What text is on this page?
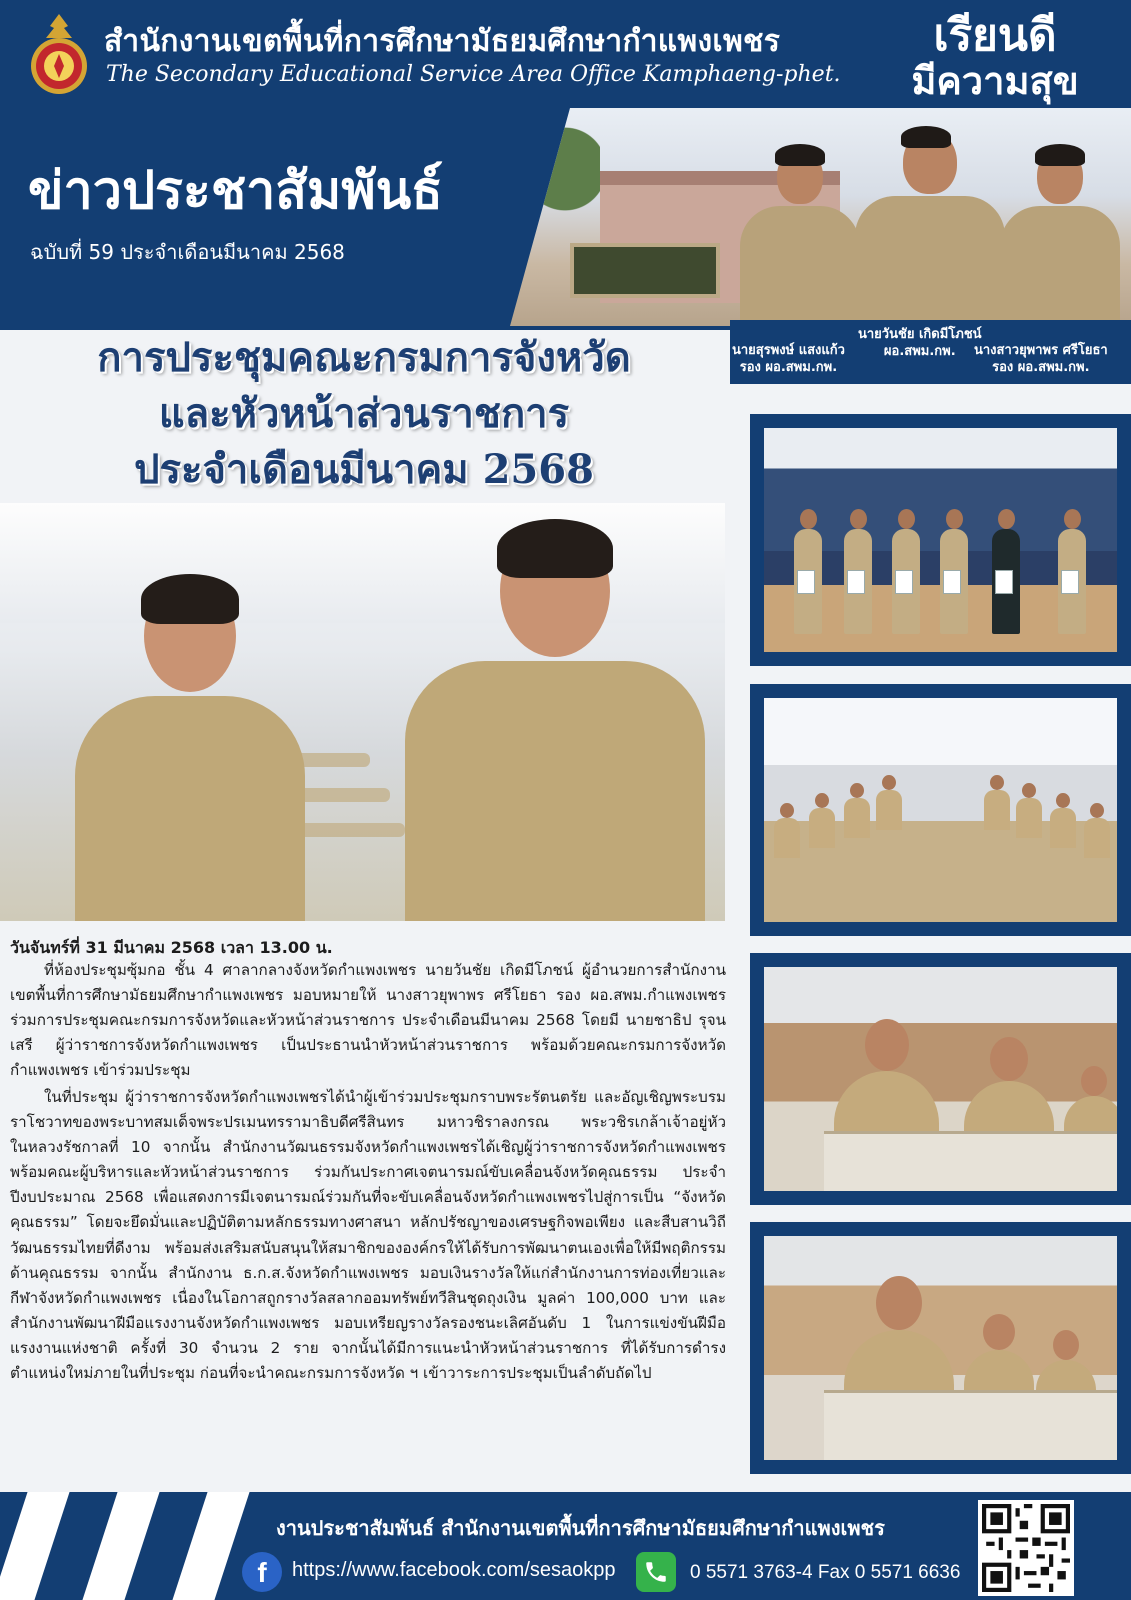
สำนักงานเขตพื้นที่การศึกษามัธยมศึกษากำแพงเพชร
The Secondary Educational Service Area Office Kamphaeng-phet.
เรียนดี
มีความสุข
ข่าวประชาสัมพันธ์
ฉบับที่ 59 ประจำเดือนมีนาคม 2568
นายสุรพงษ์ แสงแก้ว
รอง ผอ.สพม.กพ.
นายวันชัย เกิดมีโภชน์
ผอ.สพม.กพ.	นางสาวยุพาพร ศรีโยธา
รอง ผอ.สพม.กพ.
การประชุมคณะกรมการจังหวัด
และหัวหน้าส่วนราชการ
ประจำเดือนมีนาคม 2568
วันจันทร์ที่ 31 มีนาคม 2568 เวลา 13.00 น.

ที่ห้องประชุมซุ้มกอ ชั้น 4 ศาลากลางจังหวัดกำแพงเพชร นายวันชัย เกิดมีโภชน์ ผู้อำนวยการสำนักงานเขตพื้นที่การศึกษามัธยมศึกษากำแพงเพชร มอบหมายให้ นางสาวยุพาพร ศรีโยธา รอง ผอ.สพม.กำแพงเพชร ร่วมการประชุมคณะกรมการจังหวัดและหัวหน้าส่วนราชการ ประจำเดือนมีนาคม 2568 โดยมี นายชาธิป รุจนเสรี ผู้ว่าราชการจังหวัดกำแพงเพชร เป็นประธานนำหัวหน้าส่วนราชการ พร้อมด้วยคณะกรมการจังหวัดกำแพงเพชร เข้าร่วมประชุม

ในที่ประชุม ผู้ว่าราชการจังหวัดกำแพงเพชรได้นำผู้เข้าร่วมประชุมกราบพระรัตนตรัย และอัญเชิญพระบรมราโชวาทของพระบาทสมเด็จพระปรเมนทรรามาธิบดีศรีสินทร มหาวชิราลงกรณ พระวชิรเกล้าเจ้าอยู่หัว ในหลวงรัชกาลที่ 10 จากนั้น สำนักงานวัฒนธรรมจังหวัดกำแพงเพชรได้เชิญผู้ว่าราชการจังหวัดกำแพงเพชร พร้อมคณะผู้บริหารและหัวหน้าส่วนราชการ ร่วมกันประกาศเจตนารมณ์ขับเคลื่อนจังหวัดคุณธรรม ประจำปีงบประมาณ 2568 เพื่อแสดงการมีเจตนารมณ์ร่วมกันที่จะขับเคลื่อนจังหวัดกำแพงเพชรไปสู่การเป็น “จังหวัดคุณธรรม” โดยจะยึดมั่นและปฏิบัติตามหลักธรรมทางศาสนา หลักปรัชญาของเศรษฐกิจพอเพียง และสืบสานวิถีวัฒนธรรมไทยที่ดีงาม พร้อมส่งเสริมสนับสนุนให้สมาชิกขององค์กรให้ได้รับการพัฒนาตนเองเพื่อให้มีพฤติกรรมด้านคุณธรรม จากนั้น สำนักงาน ธ.ก.ส.จังหวัดกำแพงเพชร มอบเงินรางวัลให้แก่สำนักงานการท่องเที่ยวและกีฬาจังหวัดกำแพงเพชร เนื่องในโอกาสถูกรางวัลสลากออมทรัพย์ทวีสินชุดถุงเงิน มูลค่า 100,000 บาท และสำนักงานพัฒนาฝีมือแรงงานจังหวัดกำแพงเพชร มอบเหรียญรางวัลรองชนะเลิศอันดับ 1 ในการแข่งขันฝีมือแรงงานแห่งชาติ ครั้งที่ 30 จำนวน 2 ราย จากนั้นได้มีการแนะนำหัวหน้าส่วนราชการ ที่ได้รับการดำรงตำแหน่งใหม่ภายในที่ประชุม ก่อนที่จะนำคณะกรมการจังหวัด ฯ เข้าวาระการประชุมเป็นลำดับถัดไป

งานประชาสัมพันธ์ สำนักงานเขตพื้นที่การศึกษามัธยมศึกษากำแพงเพชร
f	https://www.facebook.com/sesaokpp	0 5571 3763-4 Fax 0 5571 6636
